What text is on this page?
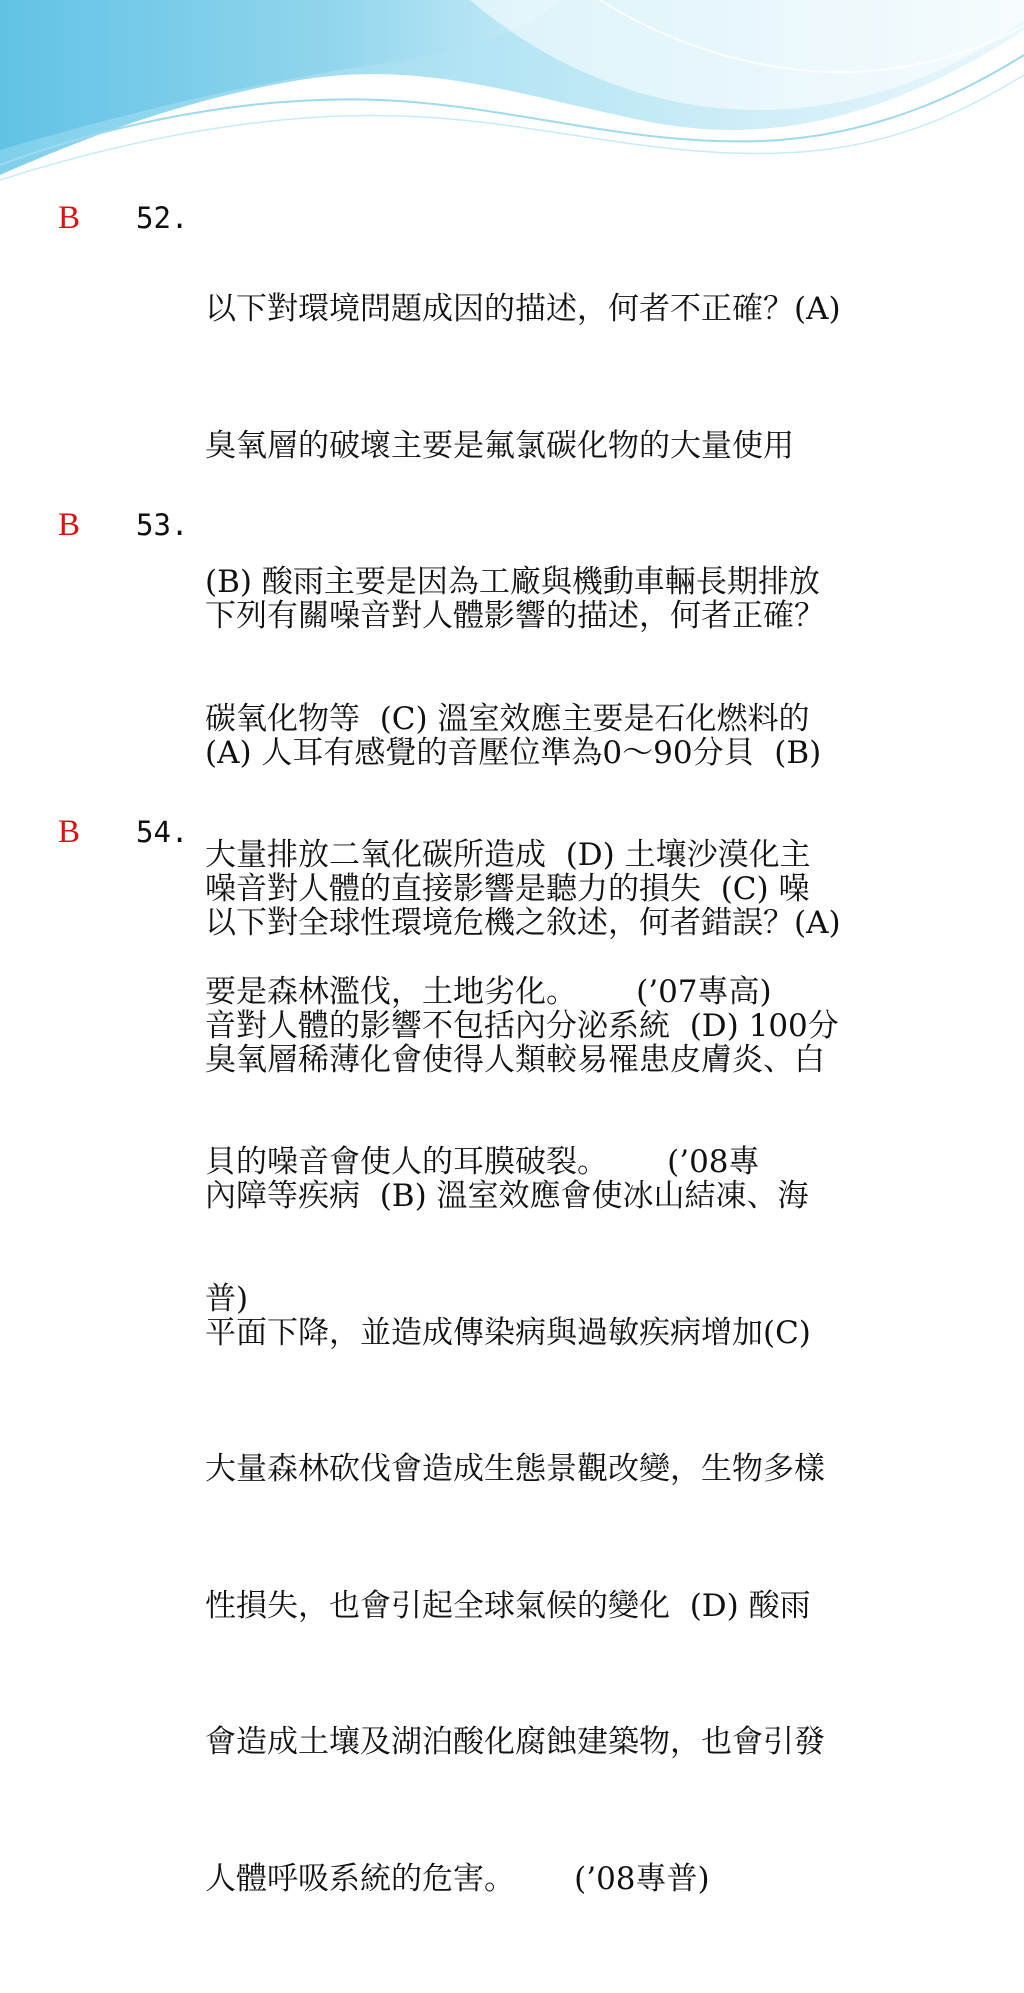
B 52.

以下對環境問題成因的描述，何者不正確？(A)

臭氧層的破壞主要是氟氯碳化物的大量使用

(B) 酸雨主要是因為工廠與機動車輛長期排放

碳氧化物等  (C) 溫室效應主要是石化燃料的

大量排放二氧化碳所造成  (D) 土壤沙漠化主

要是森林濫伐，土地劣化。      (’07專高)

B 53.

下列有關噪音對人體影響的描述，何者正確？

(A) 人耳有感覺的音壓位準為0～90分貝  (B)

噪音對人體的直接影響是聽力的損失  (C) 噪

音對人體的影響不包括內分泌系統  (D) 100分

貝的噪音會使人的耳膜破裂。      (’08專

普)

B 54.

以下對全球性環境危機之敘述，何者錯誤？(A)

臭氧層稀薄化會使得人類較易罹患皮膚炎、白

內障等疾病  (B) 溫室效應會使冰山結凍、海

平面下降，並造成傳染病與過敏疾病增加(C)

大量森林砍伐會造成生態景觀改變，生物多樣

性損失，也會引起全球氣候的變化  (D) 酸雨

會造成土壤及湖泊酸化腐蝕建築物，也會引發

人體呼吸系統的危害。      (’08專普)
